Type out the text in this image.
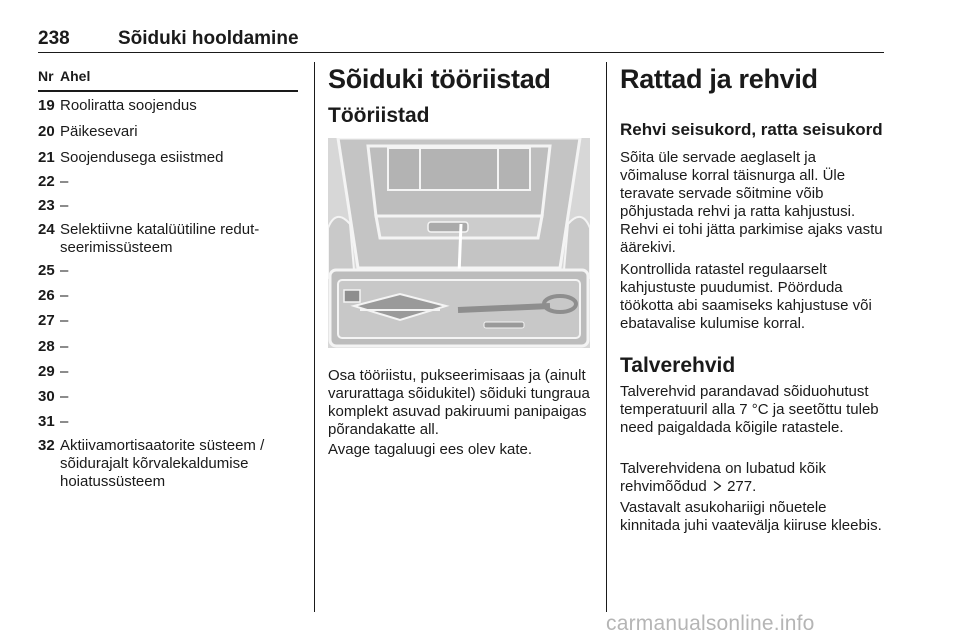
238	Sõiduki hooldamine
Nr Ahel
19 Rooliratta soojendus
20 Päikesevari
21 Soojendusega esiistmed
22 –
23 –
24 Selektiivne katalüütiline redut-seerimissüsteem
25 –
26 –
27 –
28 –
29 –
30 –
31 –
32 Aktiivamortisaatorite süsteem / sõidurajalt kõrvalekaldumise hoiatussüsteem
Sõiduki tööriistad
Tööriistad
Osa tööriistu, pukseerimisaas ja (ainult varurattaga sõidukitel) sõiduki tungraua komplekt asuvad pakiruumi panipaigas põrandakatte all.
Avage tagaluugi ees olev kate.
Rattad ja rehvid
Rehvi seisukord, ratta seisukord
Sõita üle servade aeglaselt ja võimaluse korral täisnurga all. Üle teravate servade sõitmine võib põhjustada rehvi ja ratta kahjustusi. Rehvi ei tohi jätta parkimise ajaks vastu äärekivi.
Kontrollida ratastel regulaarselt kahjustuste puudumist. Pöörduda töökotta abi saamiseks kahjustuse või ebatavalise kulumise korral.
Talverehvid
Talverehvid parandavad sõiduohutust temperatuuril alla 7 °C ja seetõttu tuleb need paigaldada kõigile ratastele.
Talverehvidena on lubatud kõik rehvimõõdud 277.
Vastavalt asukohariigi nõuetele kinnitada juhi vaatevälja kiiruse kleebis.
carmanualsonline.info
